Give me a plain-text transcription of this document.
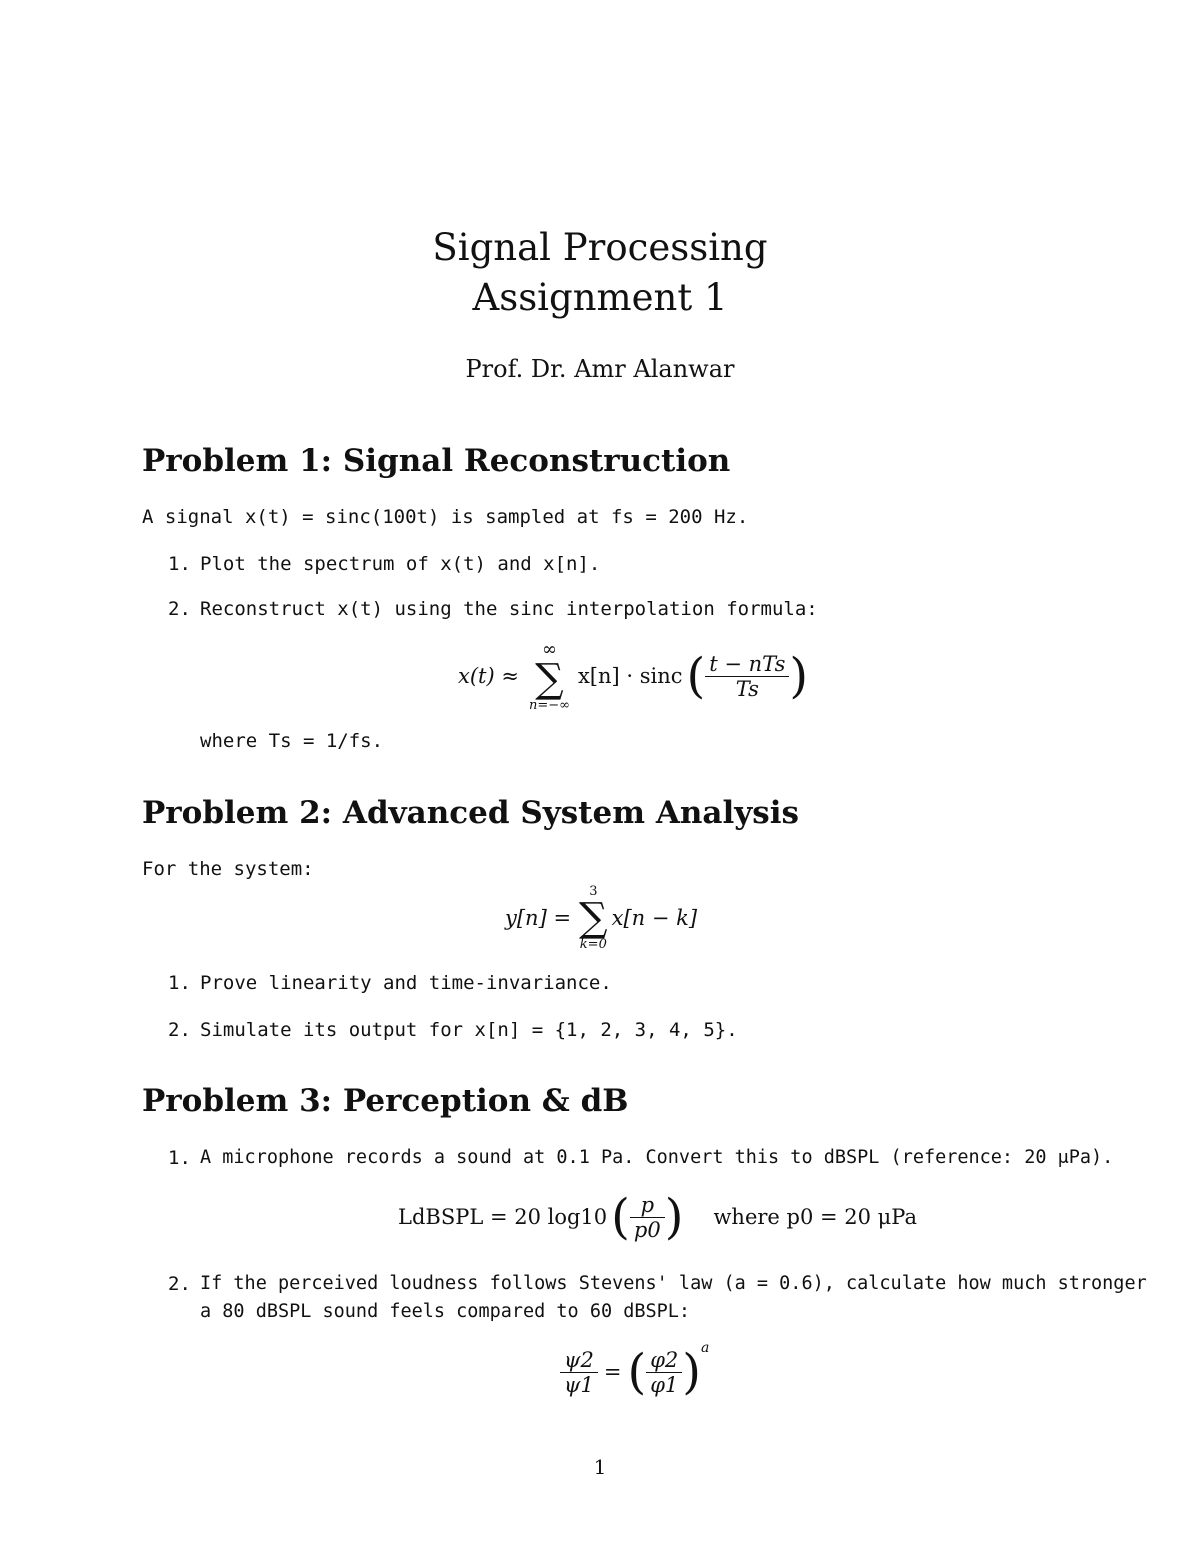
Signal Processing
Assignment 1
Prof. Dr. Amr Alanwar
Problem 1: Signal Reconstruction
A signal x(t) = sinc(100t) is sampled at fs = 200 Hz.
1. Plot the spectrum of x(t) and x[n].
2. Reconstruct x(t) using the sinc interpolation formula:
x(t) ≈
∞
∑
n=−∞
x[n] · sinc ( $\frac{\text{t − nTs}}{Ts}$ )
where Ts = 1/fs.
Problem 2: Advanced System Analysis
For the system:
y[n] =
3
∑
k=0
x[n − k]
1. Prove linearity and time-invariance.
2. Simulate its output for x[n] = {1, 2, 3, 4, 5}.
Problem 3: Perception & dB
1. A microphone records a sound at 0.1 Pa. Convert this to dBSPL (reference: 20 μPa).
LdBSPL = 20 log10 ( $\frac{p}{p0}$ ) where p0 = 20 μPa
2. If the perceived loudness follows Stevens' law (a = 0.6), calculate how much stronger
a 80 dBSPL sound feels compared to 60 dBSPL:
$\frac{\psi 2}{\psi 1}$ = ( $\frac{\varphi 2}{\varphi 1}$ ) a
1
